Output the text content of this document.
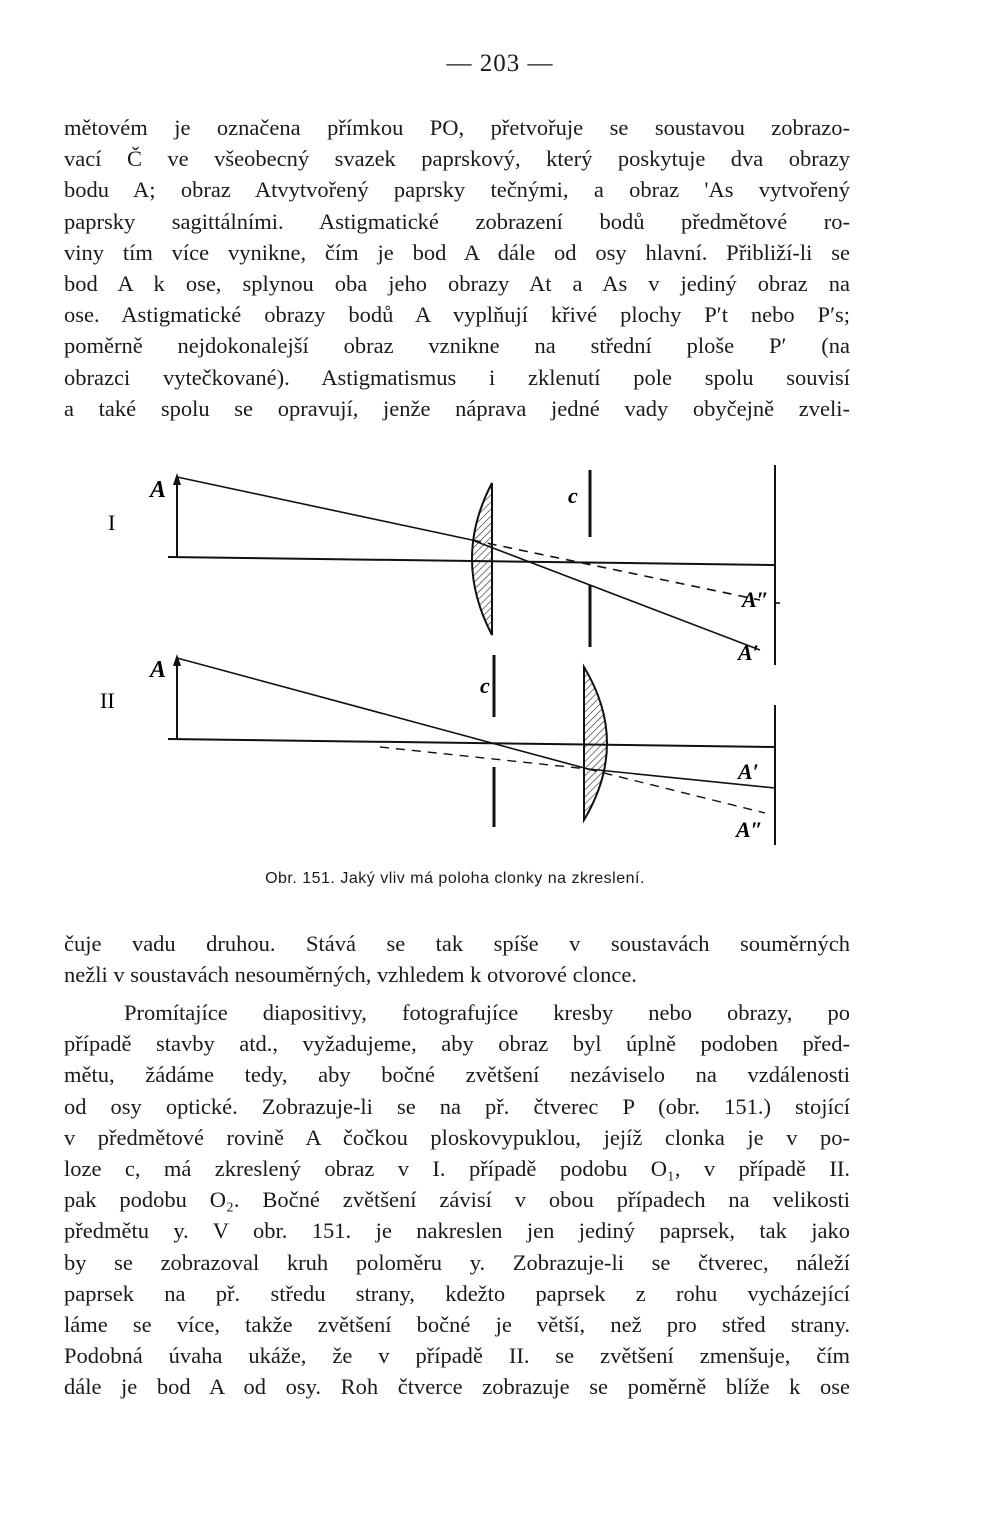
— 203 —

mětovém je označena přímkou PO, přetvořuje se soustavou zobrazo-
vací Č ve všeobecný svazek paprskový, který poskytuje dva obrazy
bodu A; obraz Atvytvořený paprsky tečnými, a obraz 'As vytvořený
paprsky sagittálními. Astigmatické zobrazení bodů předmětové ro-
viny tím více vynikne, čím je bod A dále od osy hlavní. Přibliží-li se
bod A k ose, splynou oba jeho obrazy At a As v jediný obraz na
ose. Astigmatické obrazy bodů A vyplňují křivé plochy P′t nebo P′s;
poměrně nejdokonalejší obraz vznikne na střední ploše P′ (na
obrazci vytečkované). Astigmatismus i zklenutí pole spolu souvisí
a také spolu se opravují, jenže náprava jedné vady obyčejně zveli-

I
A	c
A″
A′
II
A
c
A′
A″
Obr. 151. Jaký vliv má poloha clonky na zkreslení.

čuje vadu druhou. Stává se tak spíše v soustavách souměrných
nežli v soustavách nesouměrných, vzhledem k otvorové clonce.

Promítajíce diapositivy, fotografujíce kresby nebo obrazy, po
případě stavby atd., vyžadujeme, aby obraz byl úplně podoben před-
mětu, žádáme tedy, aby bočné zvětšení nezáviselo na vzdálenosti
od osy optické. Zobrazuje-li se na př. čtverec P (obr. 151.) stojící
v předmětové rovině A čočkou ploskovypuklou, jejíž clonka je v po-
loze c, má zkreslený obraz v I. případě podobu O₁, v případě II.
pak podobu O₂. Bočné zvětšení závisí v obou případech na velikosti
předmětu y. V obr. 151. je nakreslen jen jediný paprsek, tak jako
by se zobrazoval kruh poloměru y. Zobrazuje-li se čtverec, náleží
paprsek na př. středu strany, kdežto paprsek z rohu vycházející
láme se více, takže zvětšení bočné je větší, než pro střed strany.
Podobná úvaha ukáže, že v případě II. se zvětšení zmenšuje, čím
dále je bod A od osy. Roh čtverce zobrazuje se poměrně blíže k ose
